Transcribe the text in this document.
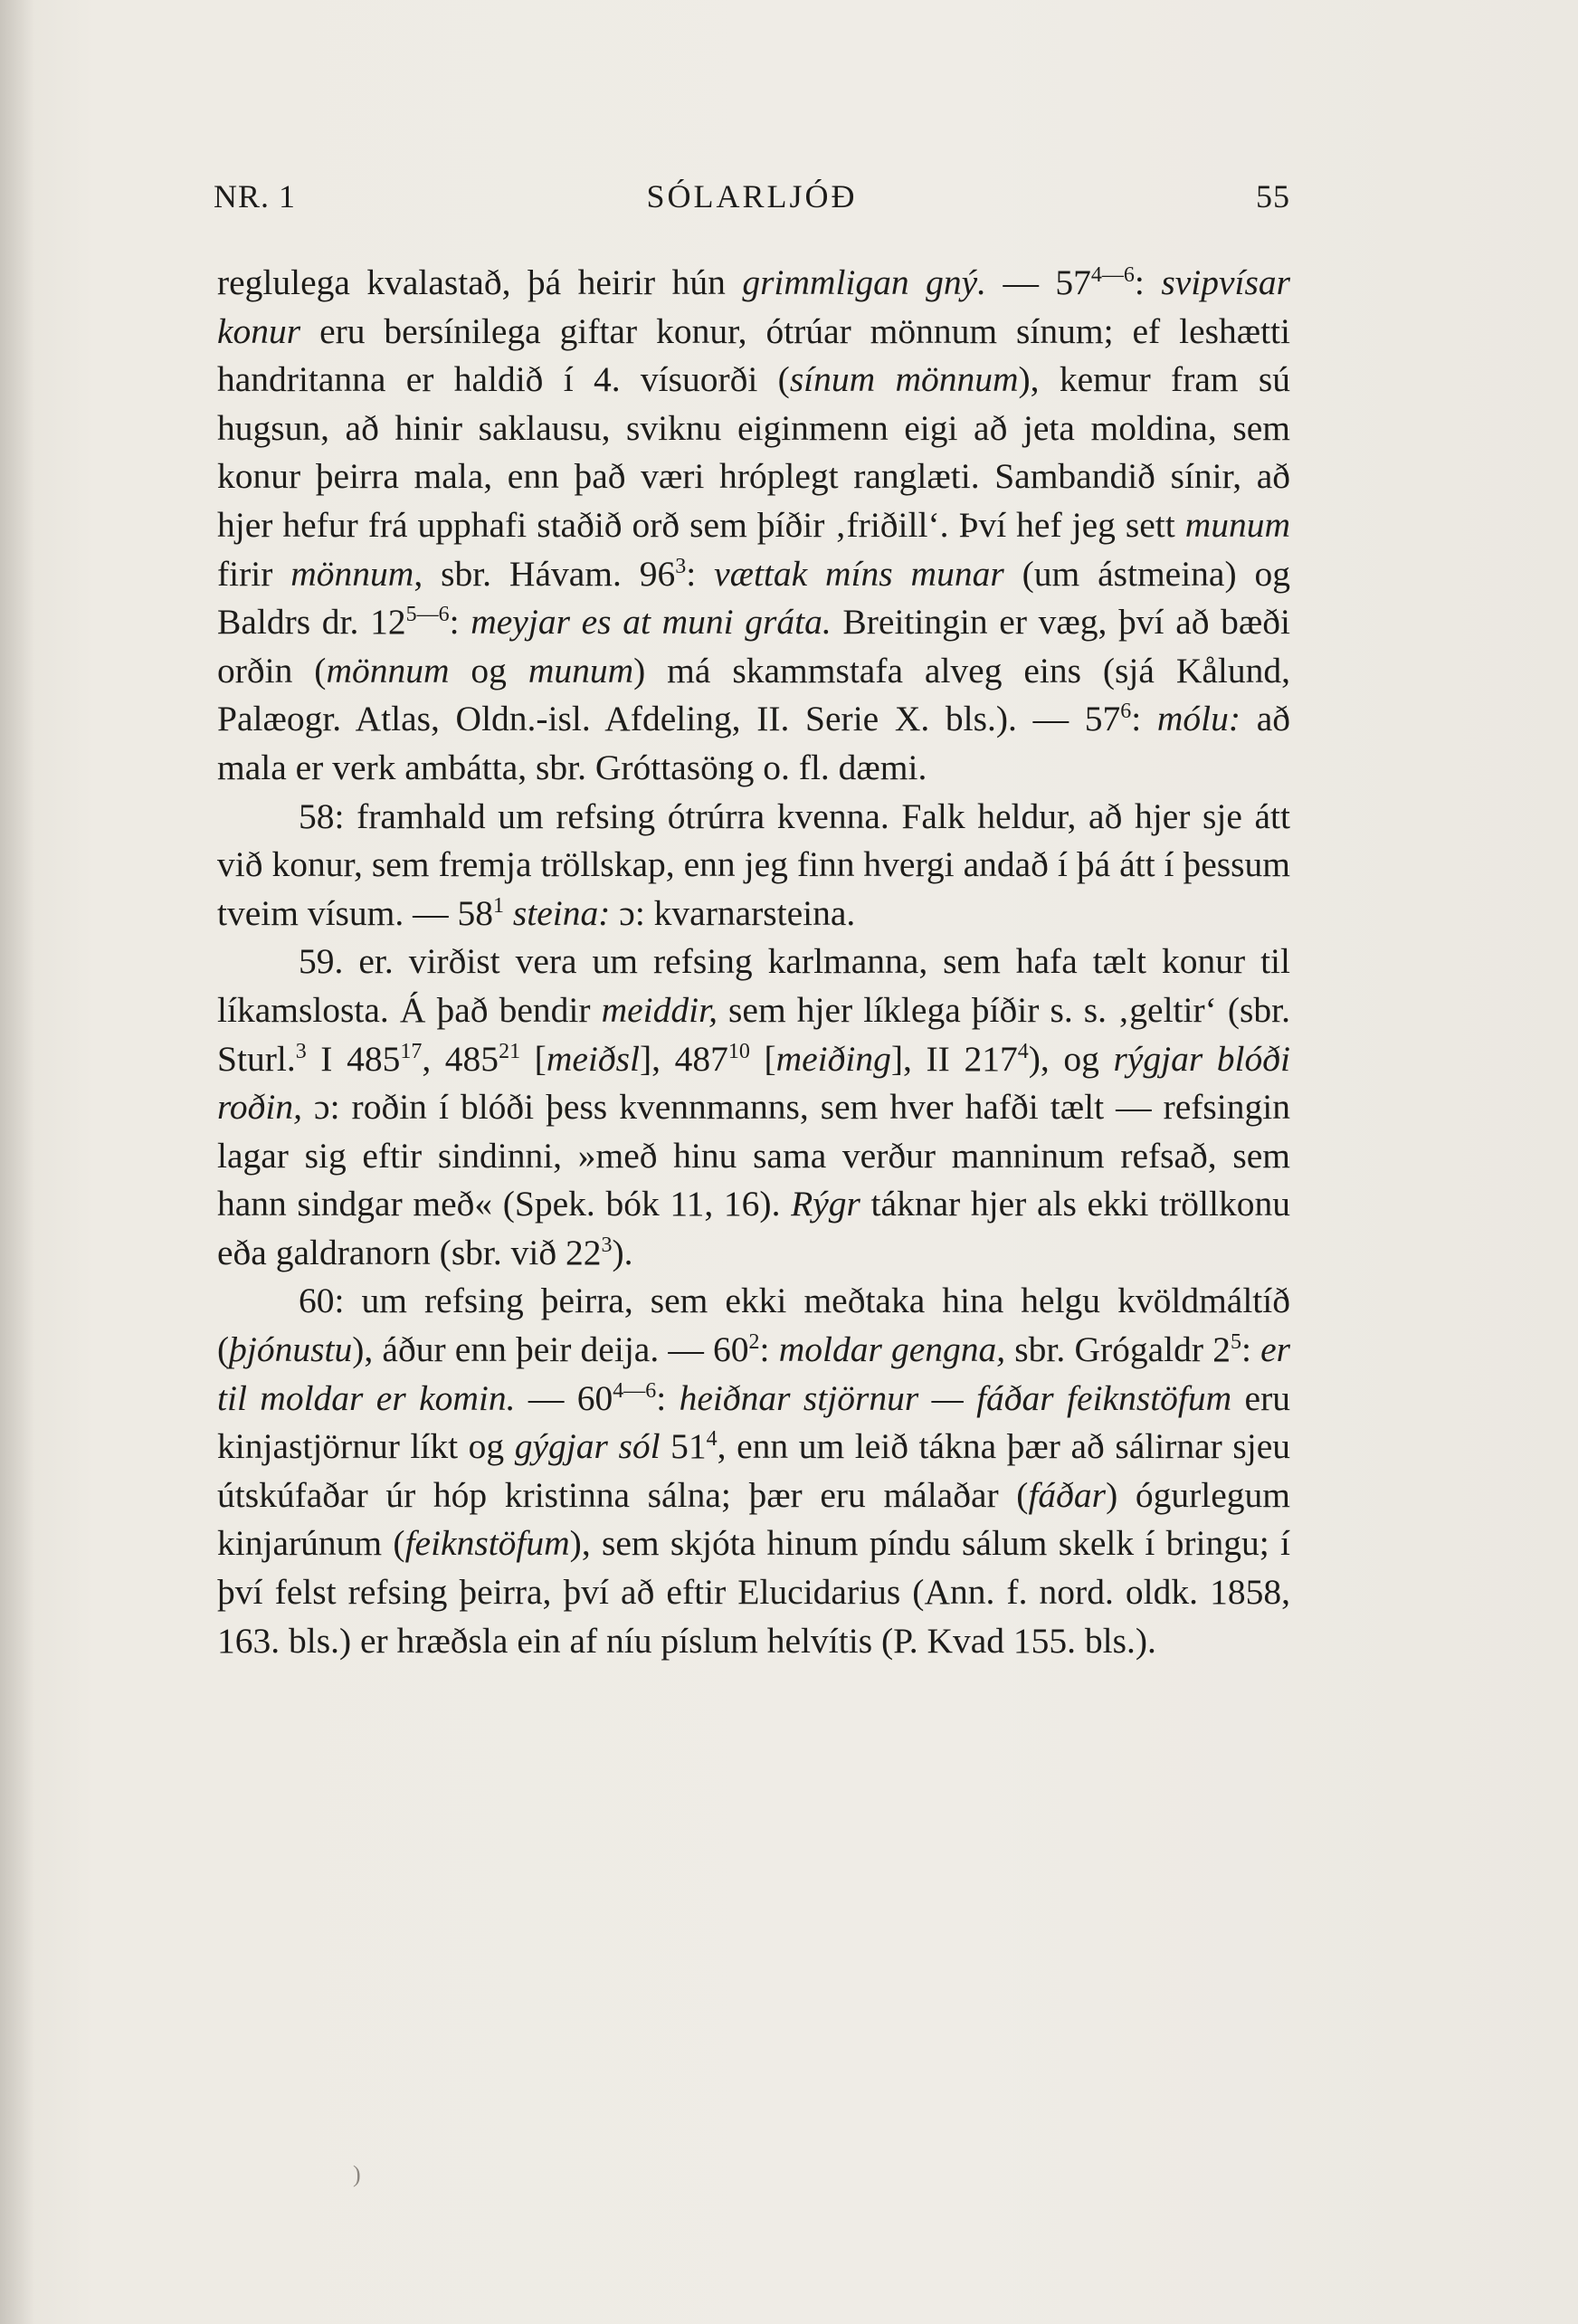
NR. 1	SÓLARLJÓÐ	55

reglulega kvalastað, þá heirir hún grimmligan gný. — $57^{4—6}$: svipvísar konur eru bersínilega giftar konur, ótrúar mönnum sínum; ef leshætti handritanna er haldið í 4. vísuorði (sínum mönnum), kemur fram sú hugsun, að hinir saklausu, sviknu eiginmenn eigi að jeta moldina, sem konur þeirra mala, enn það væri hróplegt ranglæti. Sambandið sínir, að hjer hefur frá upphafi staðið orð sem þíðir ‚friðill‘. Því hef jeg sett munum firir mönnum, sbr. Hávam. $96^3$: vættak míns munar (um ástmeina) og Baldrs dr. $12^{5—6}$: meyjar es at muni gráta. Breitingin er væg, því að bæði orðin (mönnum og munum) má skammstafa alveg eins (sjá Kålund, Palæogr. Atlas, Oldn.-isl. Afdeling, II. Serie X. bls.). — $57^6$: mólu: að mala er verk ambátta, sbr. Gróttasöng o. fl. dæmi.

58: framhald um refsing ótrúrra kvenna. Falk heldur, að hjer sje átt við konur, sem fremja tröllskap, enn jeg finn hvergi andað í þá átt í þessum tveim vísum. — $58^1$ steina: ɔ: kvarnarsteina.

59. er. virðist vera um refsing karlmanna, sem hafa tælt konur til líkamslosta. Á það bendir meiddir, sem hjer líklega þíðir s. s. ‚geltir‘ (sbr. Sturl.$^3$ I $485^{17}$, $485^{21}$ [meiðsl], $487^{10}$ [meiðing], II $217^4$), og rýgjar blóði roðin, ɔ: roðin í blóði þess kvennmanns, sem hver hafði tælt — refsingin lagar sig eftir sindinni, »með hinu sama verður manninum refsað, sem hann sindgar með« (Spek. bók 11, 16). Rýgr táknar hjer als ekki tröllkonu eða galdranorn (sbr. við $22^3$).

60: um refsing þeirra, sem ekki meðtaka hina helgu kvöldmáltíð (þjónustu), áður enn þeir deija. — $60^2$: moldar gengna, sbr. Grógaldr $2^5$: er til moldar er komin. — $60^{4—6}$: heiðnar stjörnur — fáðar feiknstöfum eru kinjastjörnur líkt og gýgjar sól $51^4$, enn um leið tákna þær að sálirnar sjeu útskúfaðar úr hóp kristinna sálna; þær eru málaðar (fáðar) ógurlegum kinjarúnum (feiknstöfum), sem skjóta hinum píndu sálum skelk í bringu; í því felst refsing þeirra, því að eftir Elucidarius (Ann. f. nord. oldk. 1858, 163. bls.) er hræðsla ein af níu píslum helvítis (P. Kvad 155. bls.).

)
